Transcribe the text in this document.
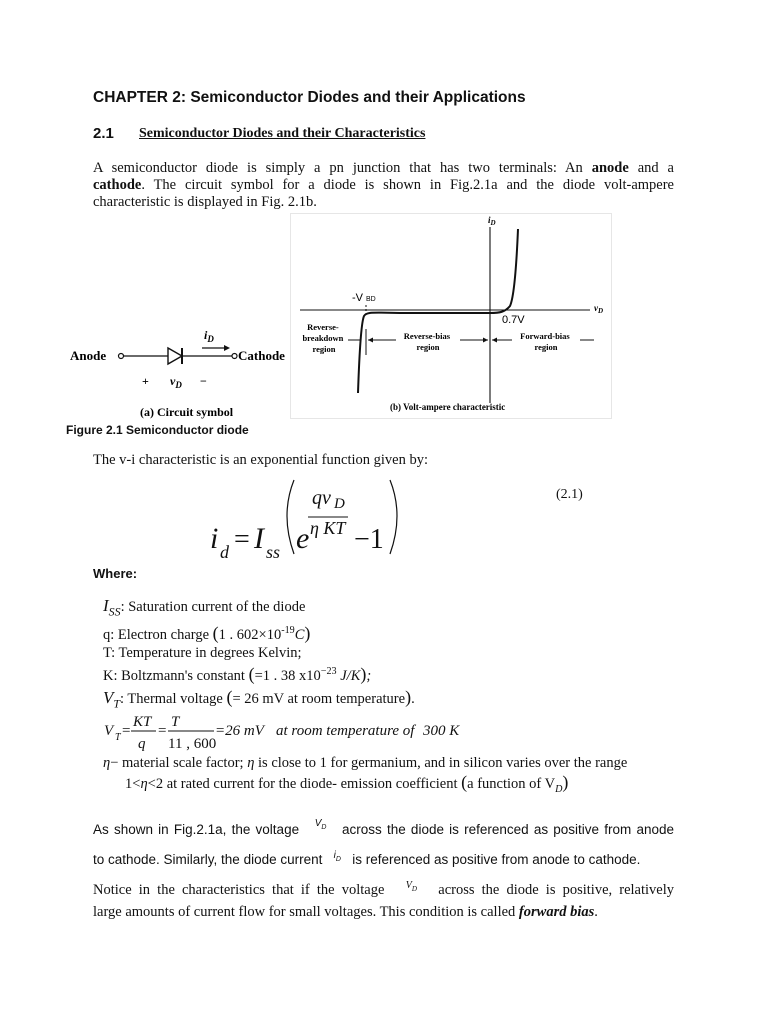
CHAPTER 2: Semiconductor Diodes and their Applications
2.1 Semiconductor Diodes and their Characteristics
A semiconductor diode is simply a pn junction that has two terminals: An anode and a
cathode. The circuit symbol for a diode is shown in Fig.2.1a and the diode volt-ampere
characteristic is displayed in Fig. 2.1b.
Anode	Cathode
$i_D$
+ $v_D$ −
(a) Circuit symbol
$i_D$
$v_D$
-V BD
0.7V
Reverse- breakdown region
Reverse-bias region
Forward-bias region
(b) Volt-ampere characteristic
Figure 2.1 Semiconductor diode
The v-i characteristic is an exponential function given by:
i d = I ss e
qv D
η KT −1
(2.1)
Where:
$I_{SS}$: Saturation current of the diode
q: Electron charge (1 . $602\times 10^{-19}C$)
T: Temperature in degrees Kelvin;
K: Boltzmann's constant (=1 . 38 $x10^{-23}$ J/K);
$V_T$: Thermal voltage (= 26 mV at room temperature).
V T =
KT
q
=
T
11 , 600
=26 mV at room temperature of 300 K
η− material scale factor; η is close to 1 for germanium, and in silicon varies over the range
1<η<2 at rated current for the diode- emission coefficient (a function of $V_D$)
As shown in Fig.2.1a, the voltage $^{V_D}$ across the diode is referenced as positive from anode
to cathode. Similarly, the diode current $^{i_D}$ is referenced as positive from anode to cathode.
Notice in the characteristics that if the voltage $^{V_D}$ across the diode is positive, relatively
large amounts of current flow for small voltages. This condition is called forward bias.
